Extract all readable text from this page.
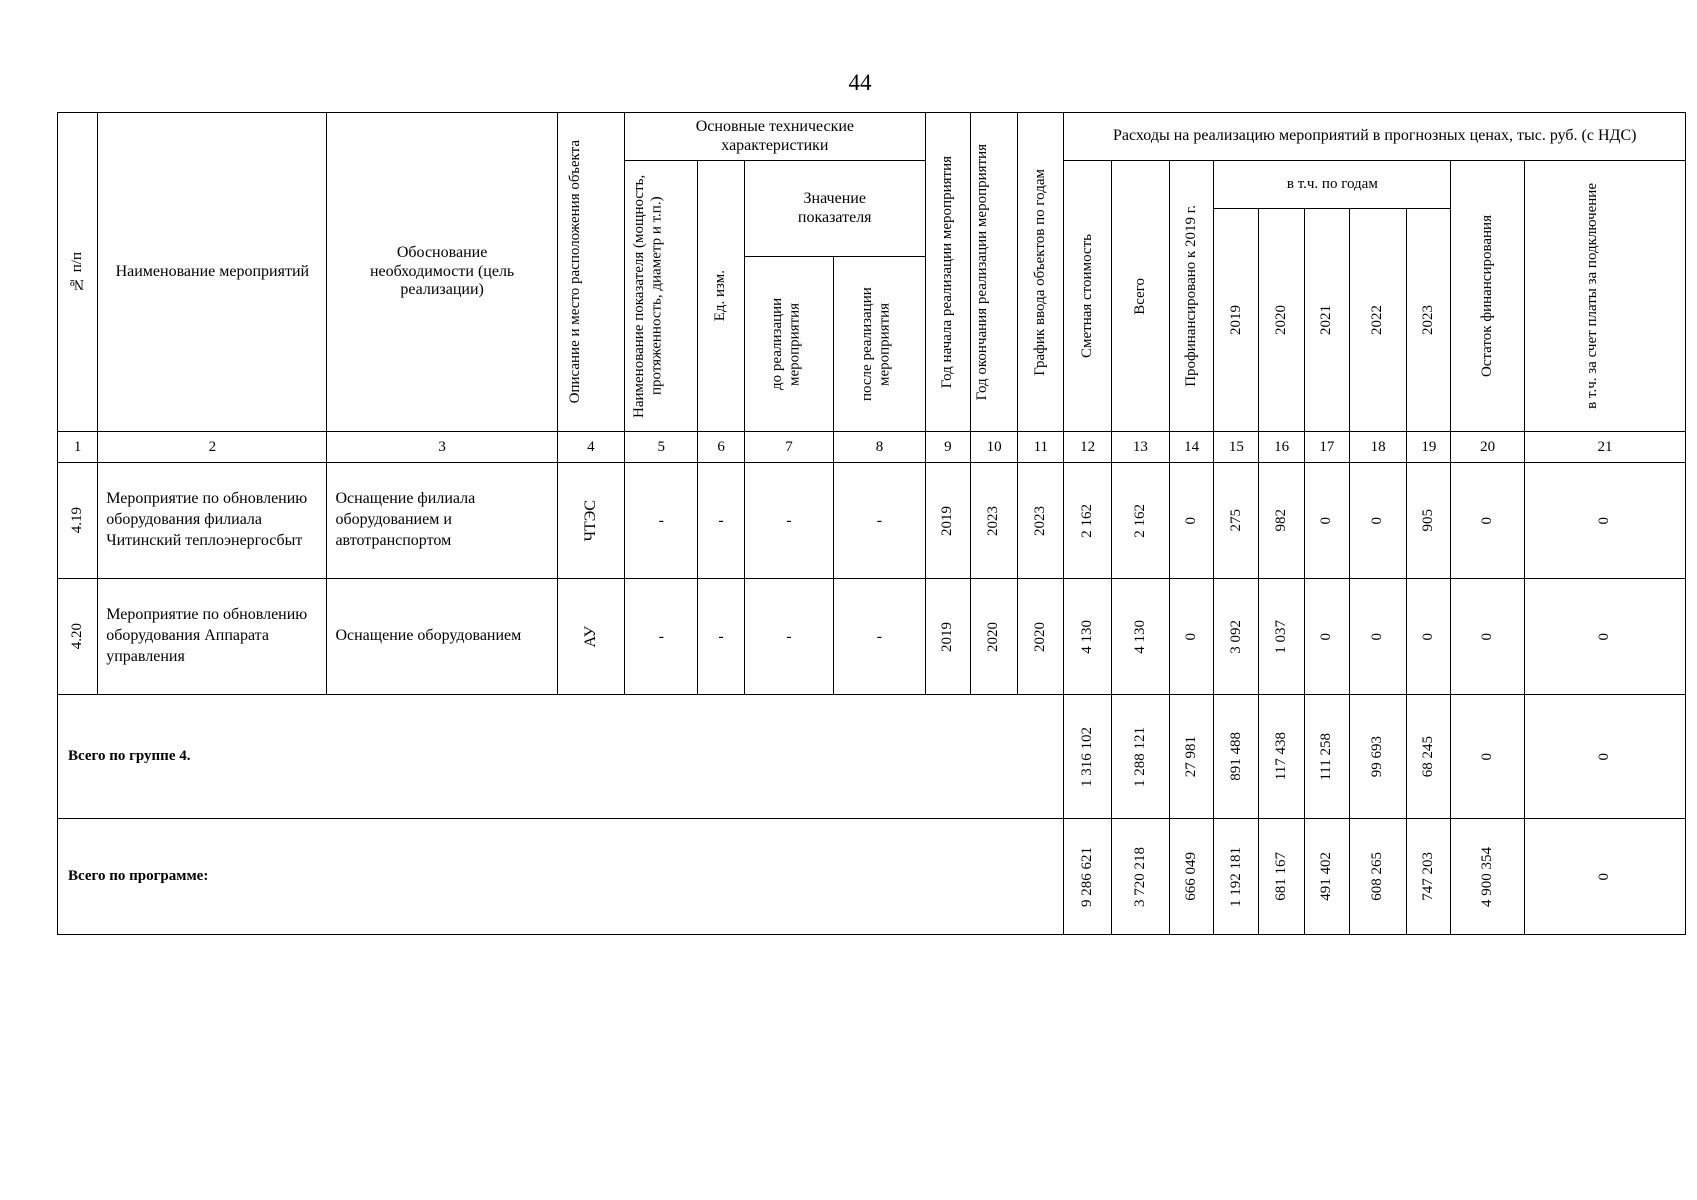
44
№ п/п	Наименование мероприятий	Обоснование необходимости (цель реализации)	Описание и место расположения объекта	Основные технические характеристики				Год начала реализации мероприятия	Год окончания реализации мероприятия	График ввода объектов по годам	Расходы на реализацию мероприятий в прогнозных ценах, тыс. руб. (с НДС)									

				Наименование показателя (мощность, протяженность, диаметр и т.п.)	Ед. изм.	Значение показателя					Сметная стоимость	Всего	Профинансировано к 2019 г.	в т.ч. по годам					Остаток финансирования	в т.ч. за счет платы за подключение

														2019	2020	2021	2022	2023		

						до реализации мероприятия	после реализации мероприятия													

1	2	3	4	5	6	7	8	9	10	11	12	13	14	15	16	17	18	19	20	21

4.19	Мероприятие по обновлению оборудования филиала Читинский теплоэнергосбыт	Оснащение филиала оборудованием и автотранспортом	ЧТЭС	-	-	-	-	2019	2023	2023	2 162	2 162	0	275	982	0	0	905	0	0

4.20	Мероприятие по обновлению оборудования Аппарата управления	Оснащение оборудованием	АУ	-	-	-	-	2019	2020	2020	4 130	4 130	0	3 092	1 037	0	0	0	0	0

Всего по группе 4.											1 316 102	1 288 121	27 981	891 488	117 438	111 258	99 693	68 245	0	0

Всего по программе:											9 286 621	3 720 218	666 049	1 192 181	681 167	491 402	608 265	747 203	4 900 354	0
